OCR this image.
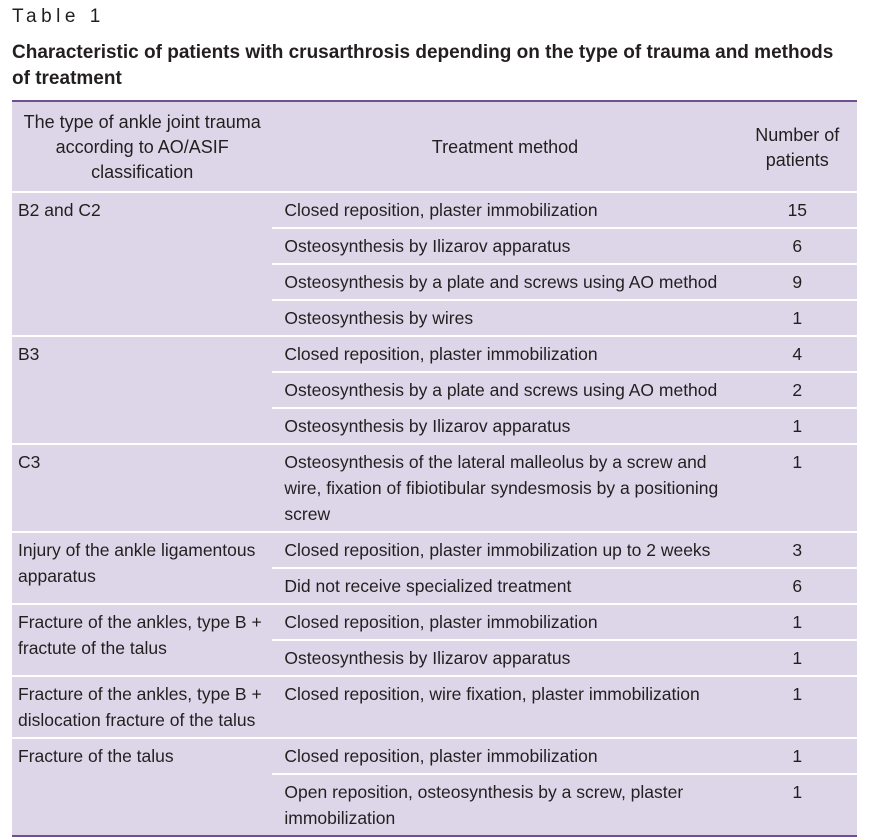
Table 1
Characteristic of patients with crusarthrosis depending on the type of trauma and methods of treatment
The type of ankle joint trauma according to AO/ASIF classification	Treatment method	Number of patients
B2 and C2	Closed reposition, plaster immobilization	15
	Osteosynthesis by Ilizarov apparatus	6
	Osteosynthesis by a plate and screws using AO method	9
	Osteosynthesis by wires	1
B3	Closed reposition, plaster immobilization	4
	Osteosynthesis by a plate and screws using AO method	2
	Osteosynthesis by Ilizarov apparatus	1
C3	Osteosynthesis of the lateral malleolus by a screw and wire, fixation of fibiotibular syndesmosis by a positioning screw	1
Injury of the ankle ligamentous apparatus	Closed reposition, plaster immobilization up to 2 weeks	3
	Did not receive specialized treatment	6
Fracture of the ankles, type B + fractute of the talus	Closed reposition, plaster immobilization	1
	Osteosynthesis by Ilizarov apparatus	1
Fracture of the ankles, type B + dislocation fracture of the talus	Closed reposition, wire fixation, plaster immobilization	1
Fracture of the talus	Closed reposition, plaster immobilization	1
	Open reposition, osteosynthesis by a screw, plaster immobilization	1
